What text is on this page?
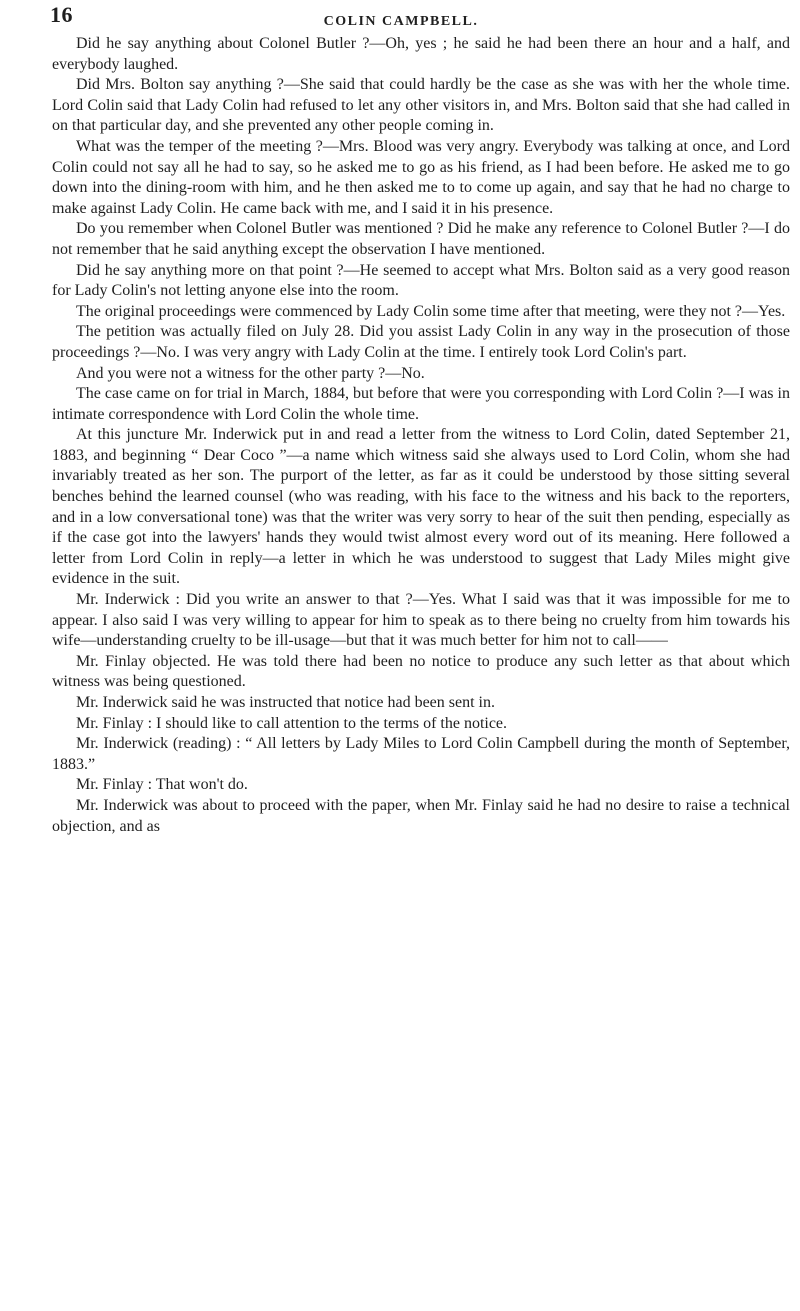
16	COLIN CAMPBELL.

Did he say anything about Colonel Butler ?—Oh, yes ; he said he had been there an hour and a half, and everybody laughed.

Did Mrs. Bolton say anything ?—She said that could hardly be the case as she was with her the whole time. Lord Colin said that Lady Colin had refused to let any other visitors in, and Mrs. Bolton said that she had called in on that particular day, and she prevented any other people coming in.

What was the temper of the meeting ?—Mrs. Blood was very angry. Everybody was talking at once, and Lord Colin could not say all he had to say, so he asked me to go as his friend, as I had been before. He asked me to go down into the dining-room with him, and he then asked me to to come up again, and say that he had no charge to make against Lady Colin. He came back with me, and I said it in his presence.

Do you remember when Colonel Butler was mentioned ? Did he make any reference to Colonel Butler ?—I do not remember that he said anything except the observation I have mentioned.

Did he say anything more on that point ?—He seemed to accept what Mrs. Bolton said as a very good reason for Lady Colin's not letting anyone else into the room.

The original proceedings were commenced by Lady Colin some time after that meeting, were they not ?—Yes.

The petition was actually filed on July 28. Did you assist Lady Colin in any way in the prosecution of those proceedings ?—No. I was very angry with Lady Colin at the time. I entirely took Lord Colin's part.

And you were not a witness for the other party ?—No.

The case came on for trial in March, 1884, but before that were you corresponding with Lord Colin ?—I was in intimate correspondence with Lord Colin the whole time.

At this juncture Mr. Inderwick put in and read a letter from the witness to Lord Colin, dated September 21, 1883, and beginning “ Dear Coco ”—a name which witness said she always used to Lord Colin, whom she had invariably treated as her son. The purport of the letter, as far as it could be understood by those sitting several benches behind the learned counsel (who was reading, with his face to the witness and his back to the reporters, and in a low conversational tone) was that the writer was very sorry to hear of the suit then pending, especially as if the case got into the lawyers' hands they would twist almost every word out of its meaning. Here followed a letter from Lord Colin in reply—a letter in which he was understood to suggest that Lady Miles might give evidence in the suit.

Mr. Inderwick : Did you write an answer to that ?—Yes. What I said was that it was impossible for me to appear. I also said I was very willing to appear for him to speak as to there being no cruelty from him towards his wife—understanding cruelty to be ill-usage—but that it was much better for him not to call——

Mr. Finlay objected. He was told there had been no notice to produce any such letter as that about which witness was being questioned.

Mr. Inderwick said he was instructed that notice had been sent in.

Mr. Finlay : I should like to call attention to the terms of the notice.

Mr. Inderwick (reading) : “ All letters by Lady Miles to Lord Colin Campbell during the month of September, 1883.”

Mr. Finlay : That won't do.

Mr. Inderwick was about to proceed with the paper, when Mr. Finlay said he had no desire to raise a technical objection, and as
